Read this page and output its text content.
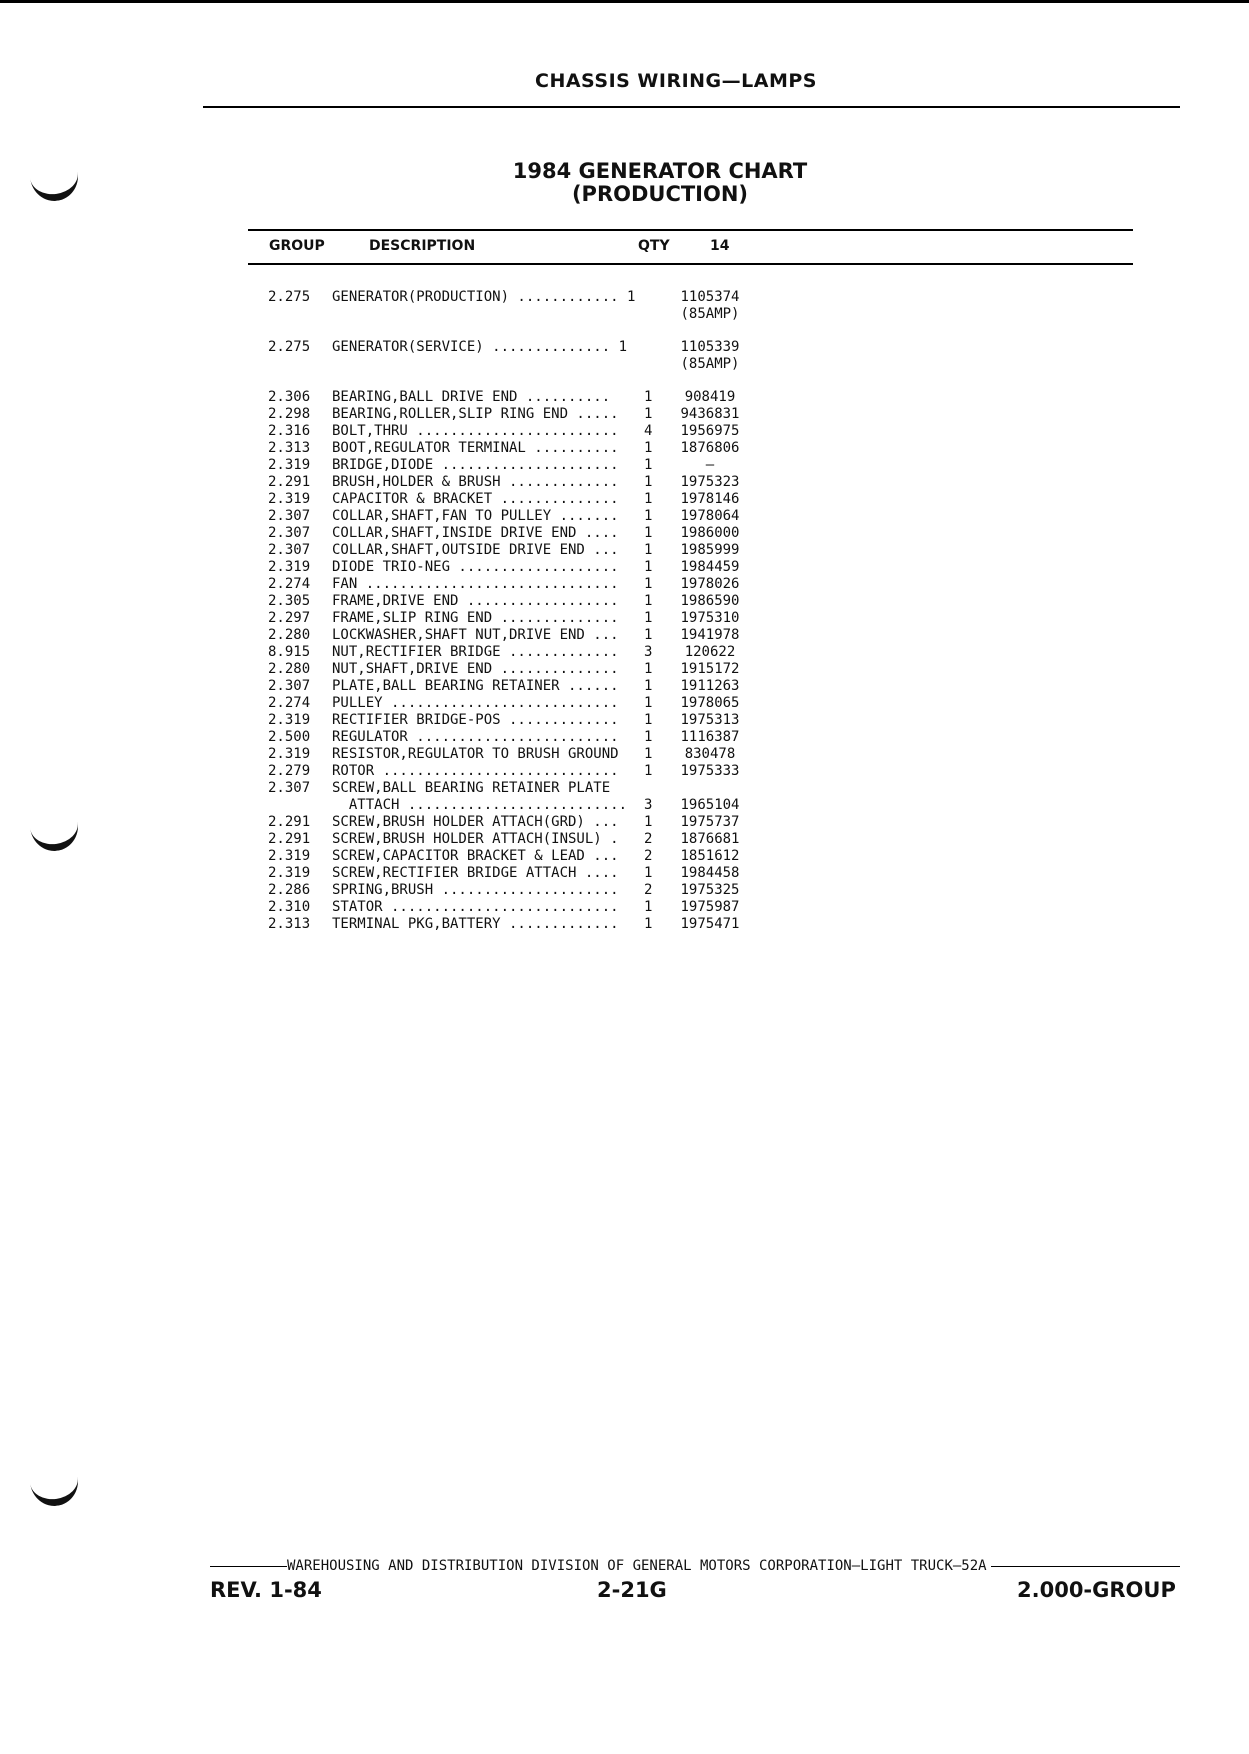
CHASSIS WIRING—LAMPS
1984 GENERATOR CHART
(PRODUCTION)
GROUP	DESCRIPTION	QTY	14
2.275	GENERATOR(PRODUCTION) ............ 1		1105374
			(85AMP)

2.275	GENERATOR(SERVICE) .............. 1		1105339
			(85AMP)

2.306	BEARING,BALL DRIVE END ..........	1	908419
2.298	BEARING,ROLLER,SLIP RING END .....	1	9436831
2.316	BOLT,THRU ........................	4	1956975
2.313	BOOT,REGULATOR TERMINAL ..........	1	1876806
2.319	BRIDGE,DIODE .....................	1	—
2.291	BRUSH,HOLDER & BRUSH .............	1	1975323
2.319	CAPACITOR & BRACKET ..............	1	1978146
2.307	COLLAR,SHAFT,FAN TO PULLEY .......	1	1978064
2.307	COLLAR,SHAFT,INSIDE DRIVE END ....	1	1986000
2.307	COLLAR,SHAFT,OUTSIDE DRIVE END ...	1	1985999
2.319	DIODE TRIO-NEG ...................	1	1984459
2.274	FAN ..............................	1	1978026
2.305	FRAME,DRIVE END ..................	1	1986590
2.297	FRAME,SLIP RING END ..............	1	1975310
2.280	LOCKWASHER,SHAFT NUT,DRIVE END ...	1	1941978
8.915	NUT,RECTIFIER BRIDGE .............	3	120622
2.280	NUT,SHAFT,DRIVE END ..............	1	1915172
2.307	PLATE,BALL BEARING RETAINER ......	1	1911263
2.274	PULLEY ...........................	1	1978065
2.319	RECTIFIER BRIDGE-POS .............	1	1975313
2.500	REGULATOR ........................	1	1116387
2.319	RESISTOR,REGULATOR TO BRUSH GROUND	1	830478
2.279	ROTOR ............................	1	1975333
2.307	SCREW,BALL BEARING RETAINER PLATE		
	ATTACH ..........................	3	1965104
2.291	SCREW,BRUSH HOLDER ATTACH(GRD) ...	1	1975737
2.291	SCREW,BRUSH HOLDER ATTACH(INSUL) .	2	1876681
2.319	SCREW,CAPACITOR BRACKET & LEAD ...	2	1851612
2.319	SCREW,RECTIFIER BRIDGE ATTACH ....	1	1984458
2.286	SPRING,BRUSH .....................	2	1975325
2.310	STATOR ...........................	1	1975987
2.313	TERMINAL PKG,BATTERY .............	1	1975471
WAREHOUSING AND DISTRIBUTION DIVISION OF GENERAL MOTORS CORPORATION—LIGHT TRUCK—52A
REV. 1-84	2-21G	2.000-GROUP
